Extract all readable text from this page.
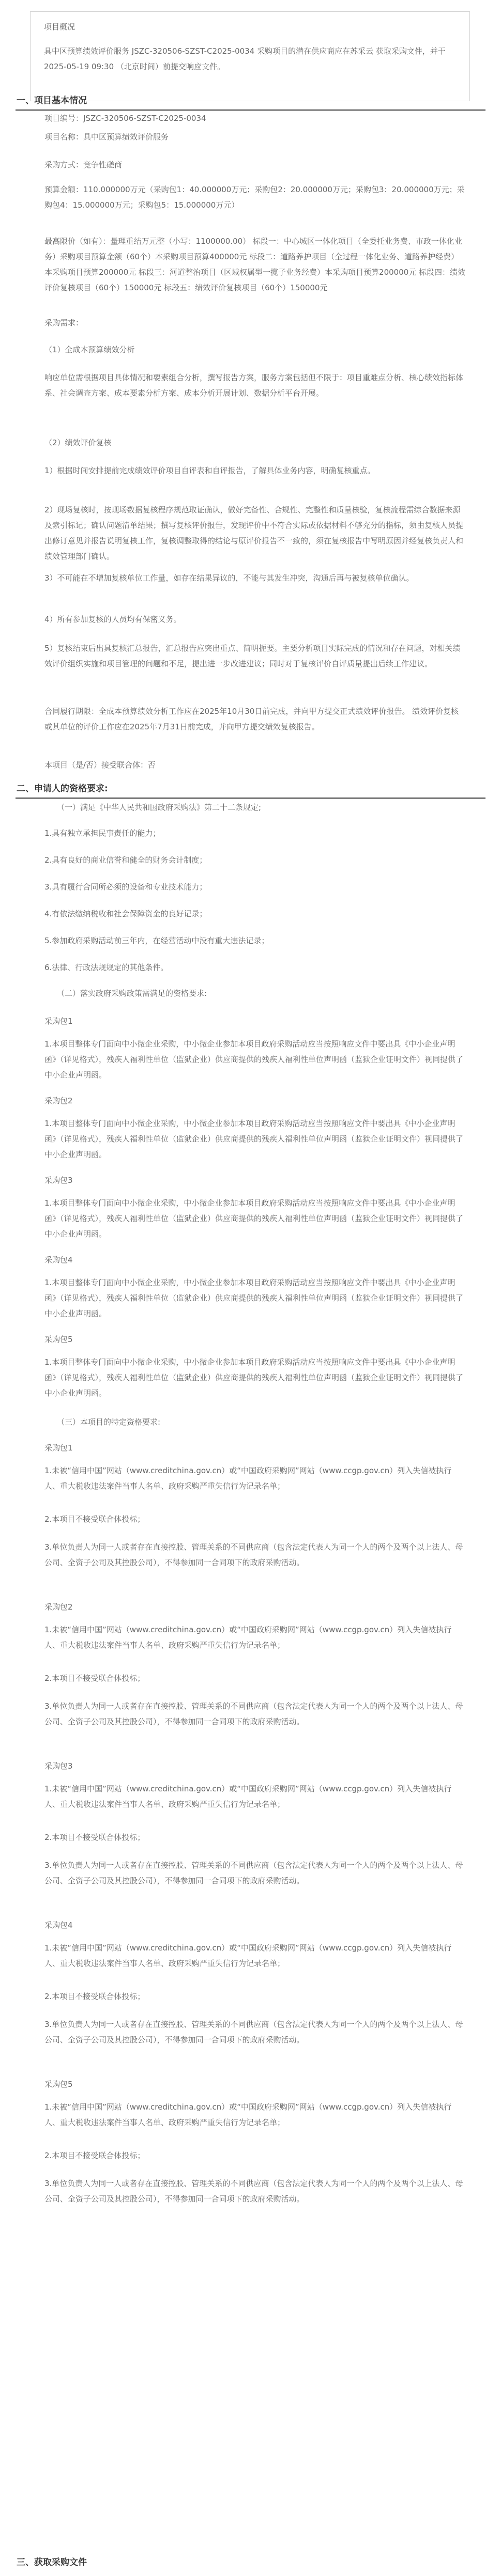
项目概况
具中区预算绩效评价服务 JSZC-320506-SZST-C2025-0034 采购项目的潜在供应商应在苏采云 获取采购文件，并于2025-05-19 09:30 （北京时间）前提交响应文件。
一、项目基本情况
项目编号：JSZC-320506-SZST-C2025-0034
项目名称：具中区预算绩效评价服务
采购方式：竞争性磋商
预算金额：110.000000万元（采购包1：40.000000万元；采购包2：20.000000万元；采购包3：20.000000万元；采购包4：15.000000万元；采购包5：15.000000万元）
最高限价（如有）：量理重结万元整（小写：1100000.00） 标段一：中心城区一体化项目（全委托业务费、市政一体化业务）采购项目预算金额（60个）本采购项目预算400000元 标段二：道路养护项目（全过程一体化业务、道路养护经费）本采购项目预算200000元 标段三：河道整治项目（区域权属型一揽子业务经费）本采购项目预算200000元 标段四：绩效评价复核项目（60个）150000元 标段五：绩效评价复核项目（60个）150000元
采购需求：
（1）全成本预算绩效分析
响应单位需根据项目具体情况和要素组合分析，撰写报告方案，服务方案包括但不限于：项目重难点分析、核心绩效指标体系、社会调查方案、成本要素分析方案、成本分析开展计划、数据分析平台开展。
（2）绩效评价复核
1）根据时间安排提前完成绩效评价项目自评表和自评报告，了解具体业务内容，明确复核重点。
2）现场复核时，按现场数据复核程序规范取证确认，做好完备性、合规性、完整性和质量核验，复核流程需综合数据来源及索引标记；确认问题清单结果；撰写复核评价报告，发现评价中不符合实际或依据材料不够充分的指标，须由复核人员提出修订意见并报告说明复核工作，复核调整取得的结论与原评价报告不一致的，须在复核报告中写明原因并经复核负责人和绩效管理部门确认。
3）不可能在不增加复核单位工作量，如存在结果异议的，不能与其发生冲突，沟通后再与被复核单位确认。
4）所有参加复核的人员均有保密义务。
5）复核结束后出具复核汇总报告，汇总报告应突出重点、简明扼要。主要分析项目实际完成的情况和存在问题，对相关绩效评价组织实施和项目管理的问题和不足，提出进一步改进建议；同时对于复核评价自评质量提出后续工作建议。
合同履行期限：全成本预算绩效分析工作应在2025年10月30日前完成，并向甲方提交正式绩效评价报告。 绩效评价复核或其单位的评价工作应在2025年7月31日前完成，并向甲方提交绩效复核报告。
本项目（是/否）接受联合体：否
二、申请人的资格要求:
（一）满足《中华人民共和国政府采购法》第二十二条规定;
1.具有独立承担民事责任的能力；
2.具有良好的商业信誉和健全的财务会计制度；
3.具有履行合同所必须的设备和专业技术能力；
4.有依法缴纳税收和社会保障资金的良好记录；
5.参加政府采购活动前三年内，在经营活动中没有重大违法记录；
6.法律、行政法规规定的其他条件。
（二）落实政府采购政策需满足的资格要求:
采购包1
1.本项目整体专门面向中小微企业采购，中小微企业参加本项目政府采购活动应当按照响应文件中要出具《中小企业声明函》（详见格式），残疾人福利性单位（监狱企业）供应商提供的残疾人福利性单位声明函（监狱企业证明文件）视同提供了中小企业声明函。
采购包2
1.本项目整体专门面向中小微企业采购，中小微企业参加本项目政府采购活动应当按照响应文件中要出具《中小企业声明函》（详见格式），残疾人福利性单位（监狱企业）供应商提供的残疾人福利性单位声明函（监狱企业证明文件）视同提供了中小企业声明函。
采购包3
1.本项目整体专门面向中小微企业采购，中小微企业参加本项目政府采购活动应当按照响应文件中要出具《中小企业声明函》（详见格式），残疾人福利性单位（监狱企业）供应商提供的残疾人福利性单位声明函（监狱企业证明文件）视同提供了中小企业声明函。
采购包4
1.本项目整体专门面向中小微企业采购，中小微企业参加本项目政府采购活动应当按照响应文件中要出具《中小企业声明函》（详见格式），残疾人福利性单位（监狱企业）供应商提供的残疾人福利性单位声明函（监狱企业证明文件）视同提供了中小企业声明函。
采购包5
1.本项目整体专门面向中小微企业采购，中小微企业参加本项目政府采购活动应当按照响应文件中要出具《中小企业声明函》（详见格式），残疾人福利性单位（监狱企业）供应商提供的残疾人福利性单位声明函（监狱企业证明文件）视同提供了中小企业声明函。
（三）本项目的特定资格要求:
采购包1
1.未被“信用中国”网站（www.creditchina.gov.cn）或“中国政府采购网”网站（www.ccgp.gov.cn）列入失信被执行人、重大税收违法案件当事人名单、政府采购严重失信行为记录名单；
2.本项目不接受联合体投标；
3.单位负责人为同一人或者存在直接控股、管理关系的不同供应商（包含法定代表人为同一个人的两个及两个以上法人、母公司、全资子公司及其控股公司），不得参加同一合同项下的政府采购活动。
采购包2
1.未被“信用中国”网站（www.creditchina.gov.cn）或“中国政府采购网”网站（www.ccgp.gov.cn）列入失信被执行人、重大税收违法案件当事人名单、政府采购严重失信行为记录名单；
2.本项目不接受联合体投标；
3.单位负责人为同一人或者存在直接控股、管理关系的不同供应商（包含法定代表人为同一个人的两个及两个以上法人、母公司、全资子公司及其控股公司），不得参加同一合同项下的政府采购活动。
采购包3
1.未被“信用中国”网站（www.creditchina.gov.cn）或“中国政府采购网”网站（www.ccgp.gov.cn）列入失信被执行人、重大税收违法案件当事人名单、政府采购严重失信行为记录名单；
2.本项目不接受联合体投标；
3.单位负责人为同一人或者存在直接控股、管理关系的不同供应商（包含法定代表人为同一个人的两个及两个以上法人、母公司、全资子公司及其控股公司），不得参加同一合同项下的政府采购活动。
采购包4
1.未被“信用中国”网站（www.creditchina.gov.cn）或“中国政府采购网”网站（www.ccgp.gov.cn）列入失信被执行人、重大税收违法案件当事人名单、政府采购严重失信行为记录名单；
2.本项目不接受联合体投标；
3.单位负责人为同一人或者存在直接控股、管理关系的不同供应商（包含法定代表人为同一个人的两个及两个以上法人、母公司、全资子公司及其控股公司），不得参加同一合同项下的政府采购活动。
采购包5
1.未被“信用中国”网站（www.creditchina.gov.cn）或“中国政府采购网”网站（www.ccgp.gov.cn）列入失信被执行人、重大税收违法案件当事人名单、政府采购严重失信行为记录名单；
2.本项目不接受联合体投标；
3.单位负责人为同一人或者存在直接控股、管理关系的不同供应商（包含法定代表人为同一个人的两个及两个以上法人、母公司、全资子公司及其控股公司），不得参加同一合同项下的政府采购活动。
三、获取采购文件
